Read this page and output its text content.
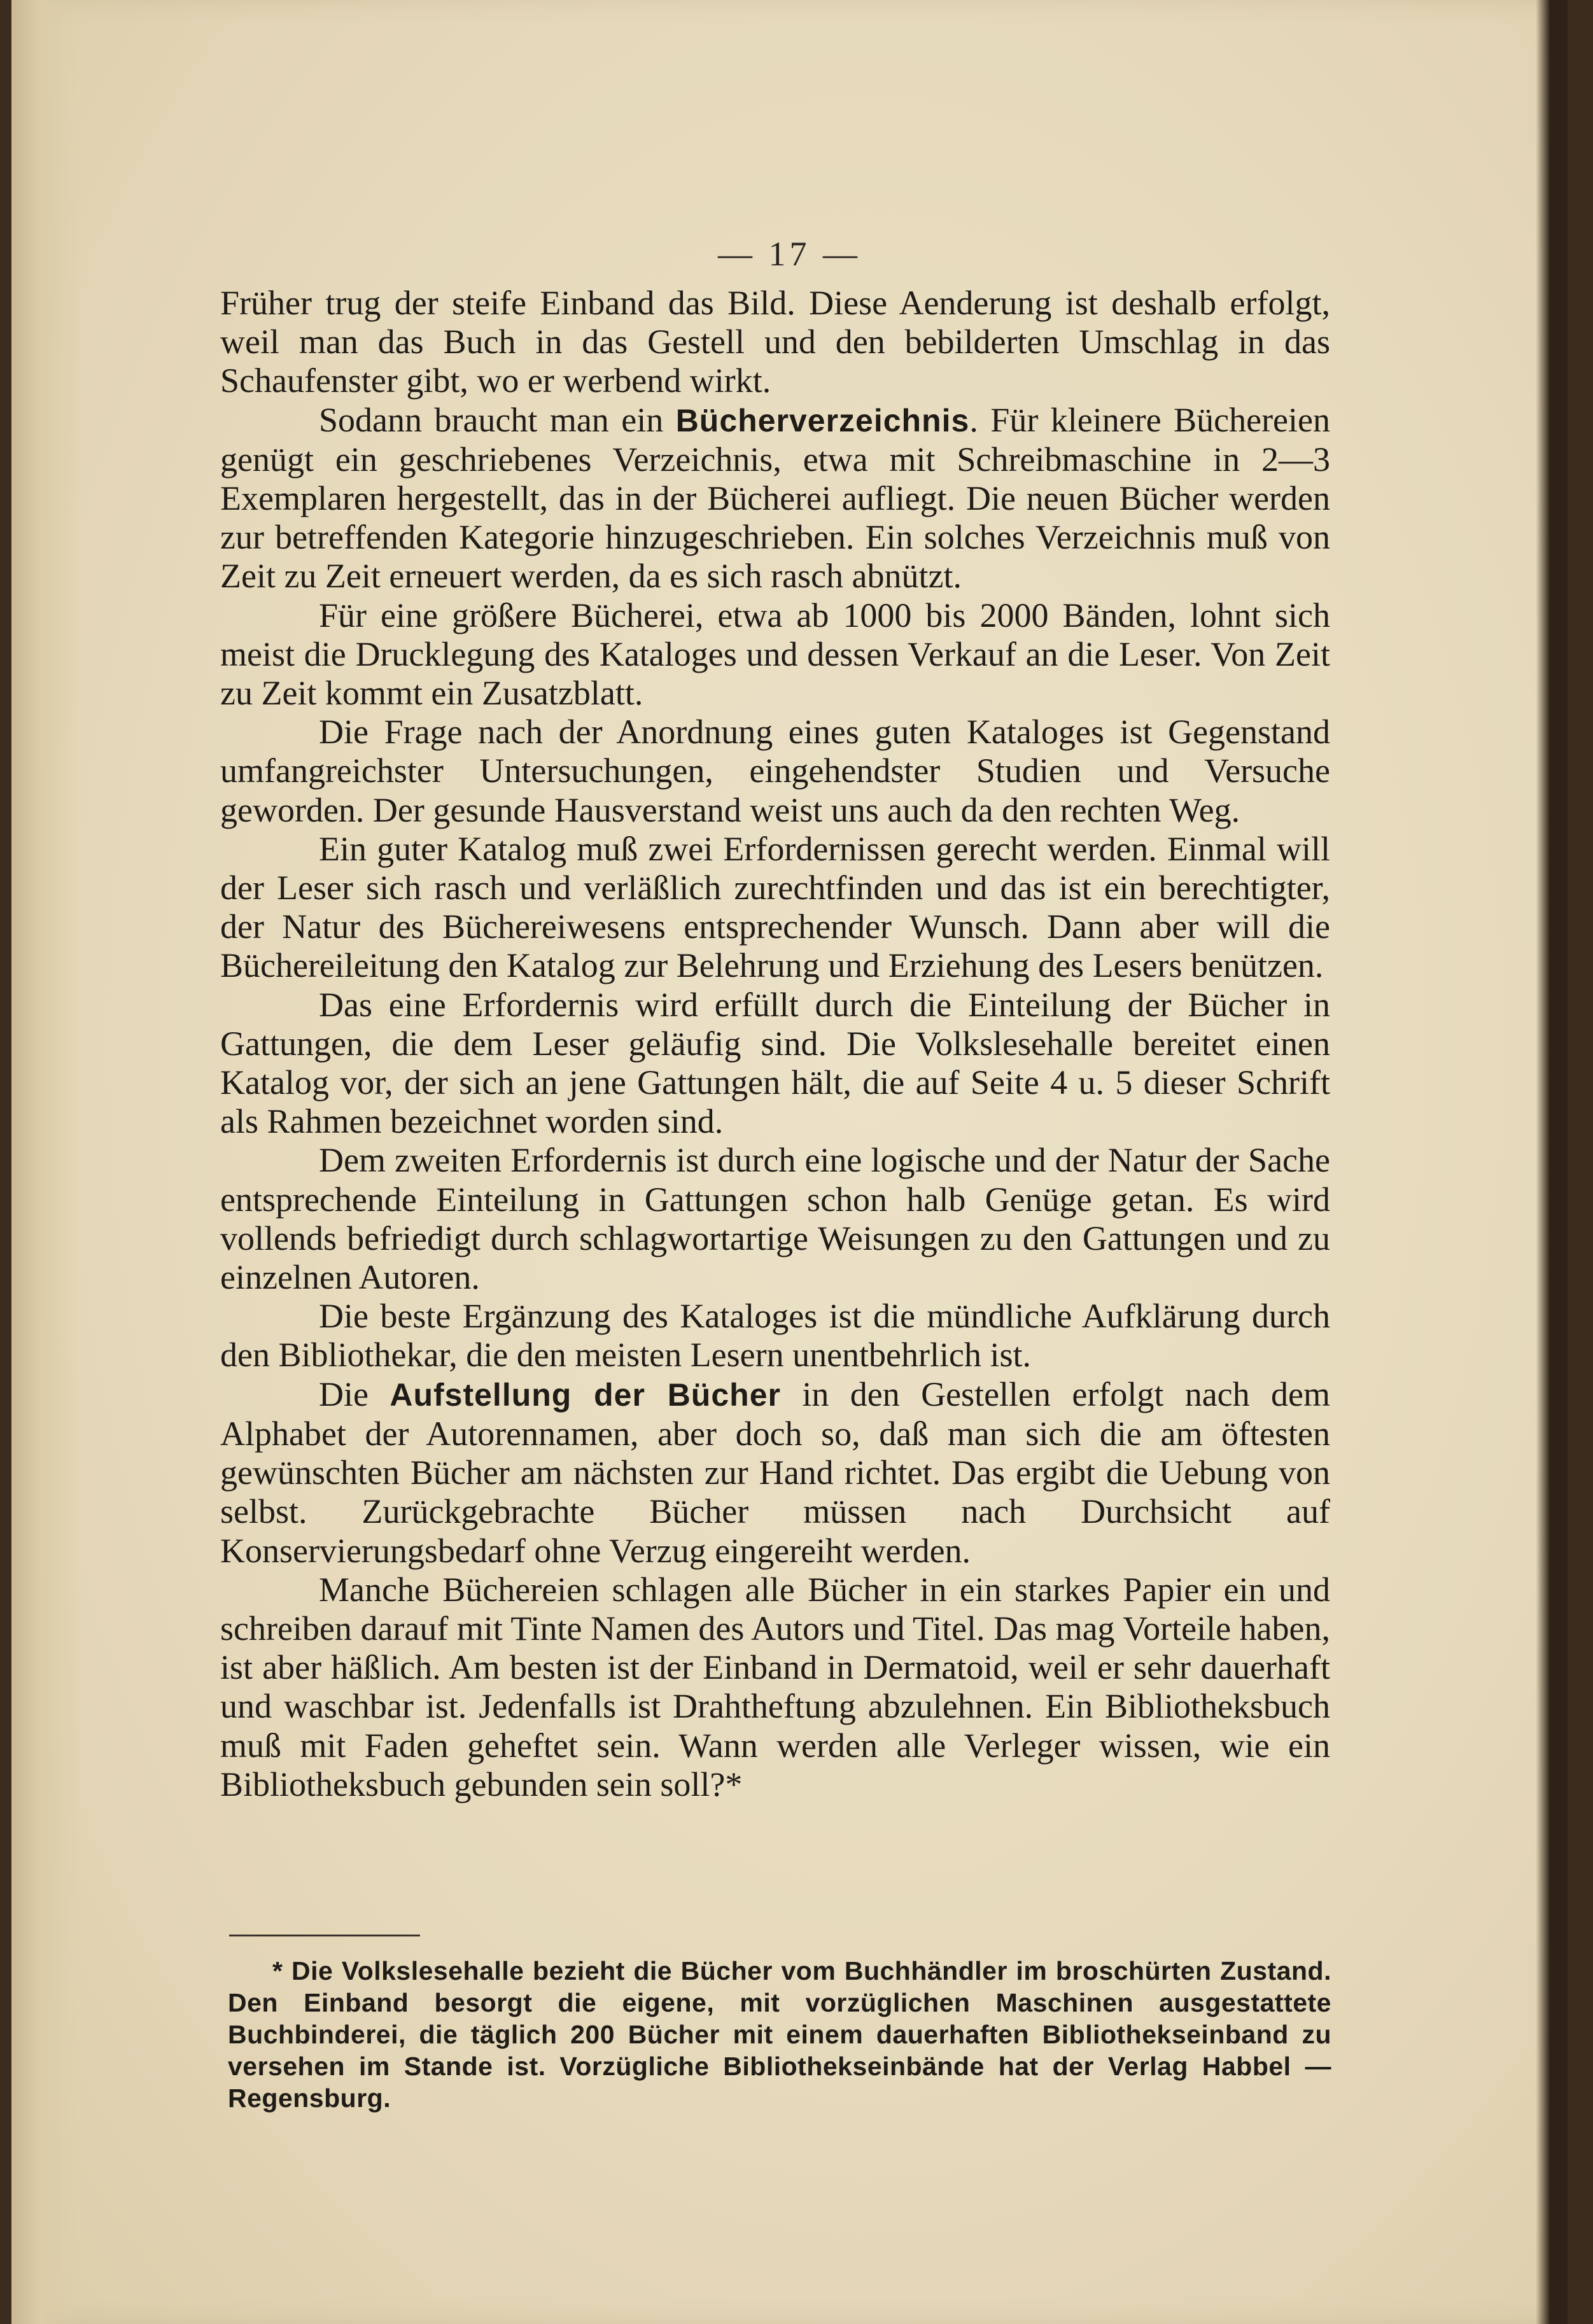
— 17 —

Früher trug der steife Einband das Bild. Diese Aenderung ist deshalb erfolgt, weil man das Buch in das Gestell und den bebilderten Umschlag in das Schaufenster gibt, wo er werbend wirkt.

Sodann braucht man ein Bücherverzeichnis. Für kleinere Büchereien genügt ein geschriebenes Verzeichnis, etwa mit Schreibmaschine in 2—3 Exemplaren hergestellt, das in der Bücherei aufliegt. Die neuen Bücher werden zur betreffenden Kategorie hinzugeschrieben. Ein solches Verzeichnis muß von Zeit zu Zeit erneuert werden, da es sich rasch abnützt.

Für eine größere Bücherei, etwa ab 1000 bis 2000 Bänden, lohnt sich meist die Drucklegung des Kataloges und dessen Verkauf an die Leser. Von Zeit zu Zeit kommt ein Zusatzblatt.

Die Frage nach der Anordnung eines guten Kataloges ist Gegenstand umfangreichster Untersuchungen, eingehendster Studien und Versuche geworden. Der gesunde Hausverstand weist uns auch da den rechten Weg.

Ein guter Katalog muß zwei Erfordernissen gerecht werden. Einmal will der Leser sich rasch und verläßlich zurechtfinden und das ist ein berechtigter, der Natur des Büchereiwesens entsprechender Wunsch. Dann aber will die Büchereileitung den Katalog zur Belehrung und Erziehung des Lesers benützen.

Das eine Erfordernis wird erfüllt durch die Einteilung der Bücher in Gattungen, die dem Leser geläufig sind. Die Volkslesehalle bereitet einen Katalog vor, der sich an jene Gattungen hält, die auf Seite 4 u. 5 dieser Schrift als Rahmen bezeichnet worden sind.

Dem zweiten Erfordernis ist durch eine logische und der Natur der Sache entsprechende Einteilung in Gattungen schon halb Genüge getan. Es wird vollends befriedigt durch schlagwortartige Weisungen zu den Gattungen und zu einzelnen Autoren.

Die beste Ergänzung des Kataloges ist die mündliche Aufklärung durch den Bibliothekar, die den meisten Lesern unentbehrlich ist.

Die Aufstellung der Bücher in den Gestellen erfolgt nach dem Alphabet der Autorennamen, aber doch so, daß man sich die am öftesten gewünschten Bücher am nächsten zur Hand richtet. Das ergibt die Uebung von selbst. Zurückgebrachte Bücher müssen nach Durchsicht auf Konservierungsbedarf ohne Verzug eingereiht werden.

Manche Büchereien schlagen alle Bücher in ein starkes Papier ein und schreiben darauf mit Tinte Namen des Autors und Titel. Das mag Vorteile haben, ist aber häßlich. Am besten ist der Einband in Dermatoid, weil er sehr dauerhaft und waschbar ist. Jedenfalls ist Drahtheftung abzulehnen. Ein Bibliotheksbuch muß mit Faden geheftet sein. Wann werden alle Verleger wissen, wie ein Bibliotheksbuch gebunden sein soll?*

* Die Volkslesehalle bezieht die Bücher vom Buchhändler im broschürten Zustand. Den Einband besorgt die eigene, mit vorzüglichen Maschinen ausgestattete Buchbinderei, die täglich 200 Bücher mit einem dauerhaften Bibliothekseinband zu versehen im Stande ist. Vorzügliche Bibliothekseinbände hat der Verlag Habbel — Regensburg.
